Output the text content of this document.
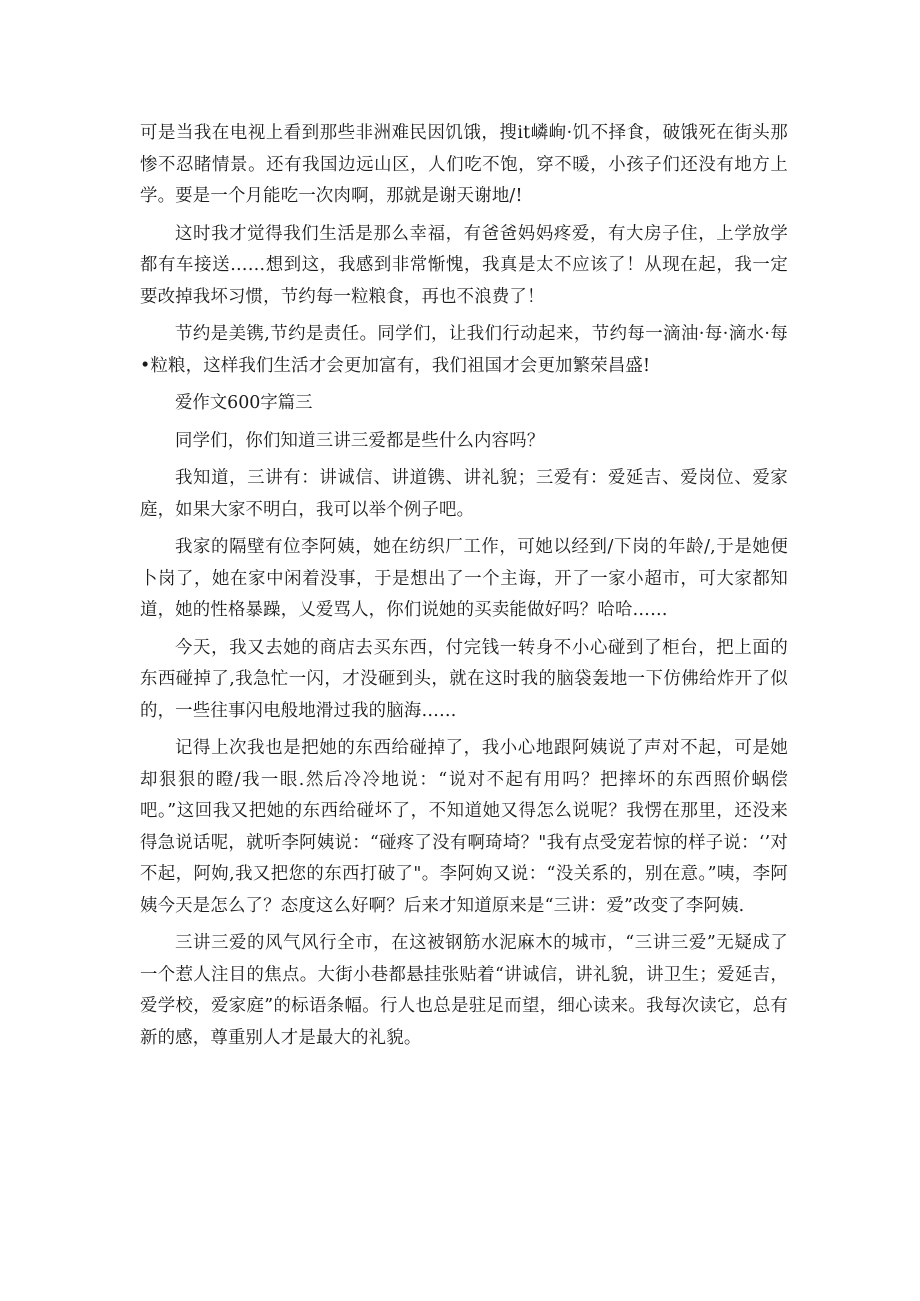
可是当我在电视上看到那些非洲难民因饥饿，搜it嶙峋·饥不择食，破饿死在街头那惨不忍睹情景。还有我国边远山区，人们吃不饱，穿不暖，小孩子们还没有地方上学。要是一个月能吃一次肉啊，那就是谢天谢地/!

这时我才觉得我们生活是那么幸福，有爸爸妈妈疼爱，有大房子住，上学放学都有车接送……想到这，我感到非常惭愧，我真是太不应该了！从现在起，我一定要改掉我坏习惯，节约每一粒粮食，再也不浪费了！

节约是美镌,节约是责任。同学们，让我们行动起来，节约每一滴油·每·滴水·每•粒粮，这样我们生活才会更加富有，我们祖国才会更加繁荣昌盛!

爱作文600字篇三

同学们，你们知道三讲三爱都是些什么内容吗？

我知道，三讲有：讲诚信、讲道镌、讲礼貌；三爱有：爱延吉、爱岗位、爱家庭，如果大家不明白，我可以举个例子吧。

我家的隔壁有位李阿姨，她在纺织厂工作，可她以经到/下岗的年龄/,于是她便卜岗了，她在家中闲着没事，于是想出了一个主诲，开了一家小超市，可大家都知道，她的性格暴躁，乂爱骂人，你们说她的买卖能做好吗？哈哈……

今天，我又去她的商店去买东西，付完钱一转身不小心碰到了柜台，把上面的东西碰掉了,我急忙一闪，才没砸到头，就在这时我的脑袋轰地一下仿佛给炸开了似的，一些往事闪电般地滑过我的脑海……

记得上次我也是把她的东西给碰掉了，我小心地跟阿姨说了声对不起，可是她却狠狠的瞪/我一眼.然后冷冷地说：“说对不起有用吗？把摔坏的东西照价蜗偿吧。”这回我又把她的东西给碰坏了，不知道她又得怎么说呢？我愣在那里，还没来得急说话呢，就听李阿姨说：“碰疼了没有啊琦埼？"我有点受宠若惊的样子说：‘’对不起，阿姁,我又把您的东西打破了"。李阿姁又说：“没关系的，别在意。”咦，李阿姨今天是怎么了？态度这么好啊？后来才知道原来是“三讲：爱”改变了李阿姨.

三讲三爱的风气风行全市，在这被钢筋水泥麻木的城市，“三讲三爱”无疑成了一个惹人注目的焦点。大街小巷都悬挂张贴着“讲诚信，讲礼貌，讲卫生；爱延吉，爱学校，爱家庭”的标语条幅。行人也总是驻足而望，细心读来。我每次读它，总有新的感，尊重别人才是最大的礼貌。
